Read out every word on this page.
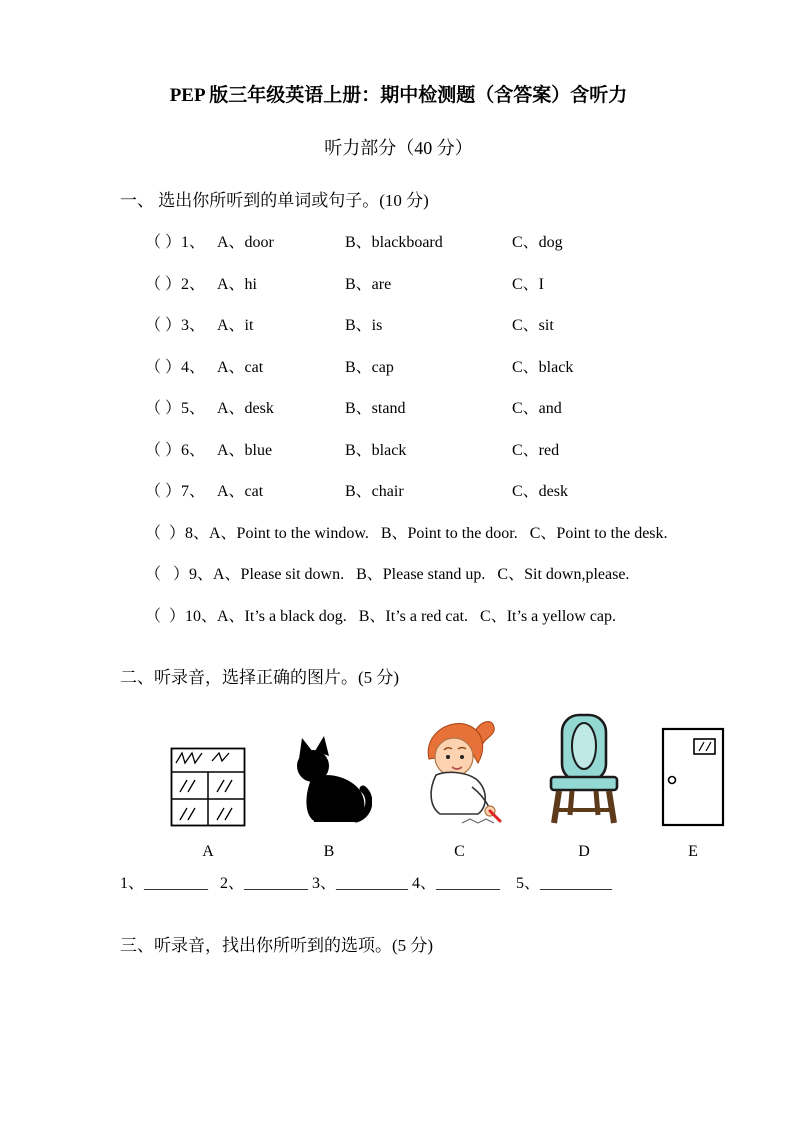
PEP 版三年级英语上册：期中检测题（含答案）含听力
听力部分（40 分）
一、 选出你所听到的单词或句子。(10 分)
（ ）1、 A、door	B、blackboard	C、dog
（ ）2、 A、hi	B、are	C、I
（ ）3、 A、it	B、is	C、sit
（ ）4、 A、cat	B、cap	C、black
（ ）5、 A、desk	B、stand	C、and
（ ）6、 A、blue	B、black	C、red
（ ）7、 A、cat	B、chair	C、desk
（  ）8、A、Point to the window.   B、Point to the door.   C、Point to the desk.
（   ）9、A、Please sit down.   B、Please stand up.   C、Sit down,please.
（  ）10、A、It’s a black dog.   B、It’s a red cat.   C、It’s a yellow cap.
二、听录音，选择正确的图片。(5 分)
A	B	C	D	E
1、________   2、________ 3、_________ 4、________    5、_________
三、听录音，找出你所听到的选项。(5 分)
